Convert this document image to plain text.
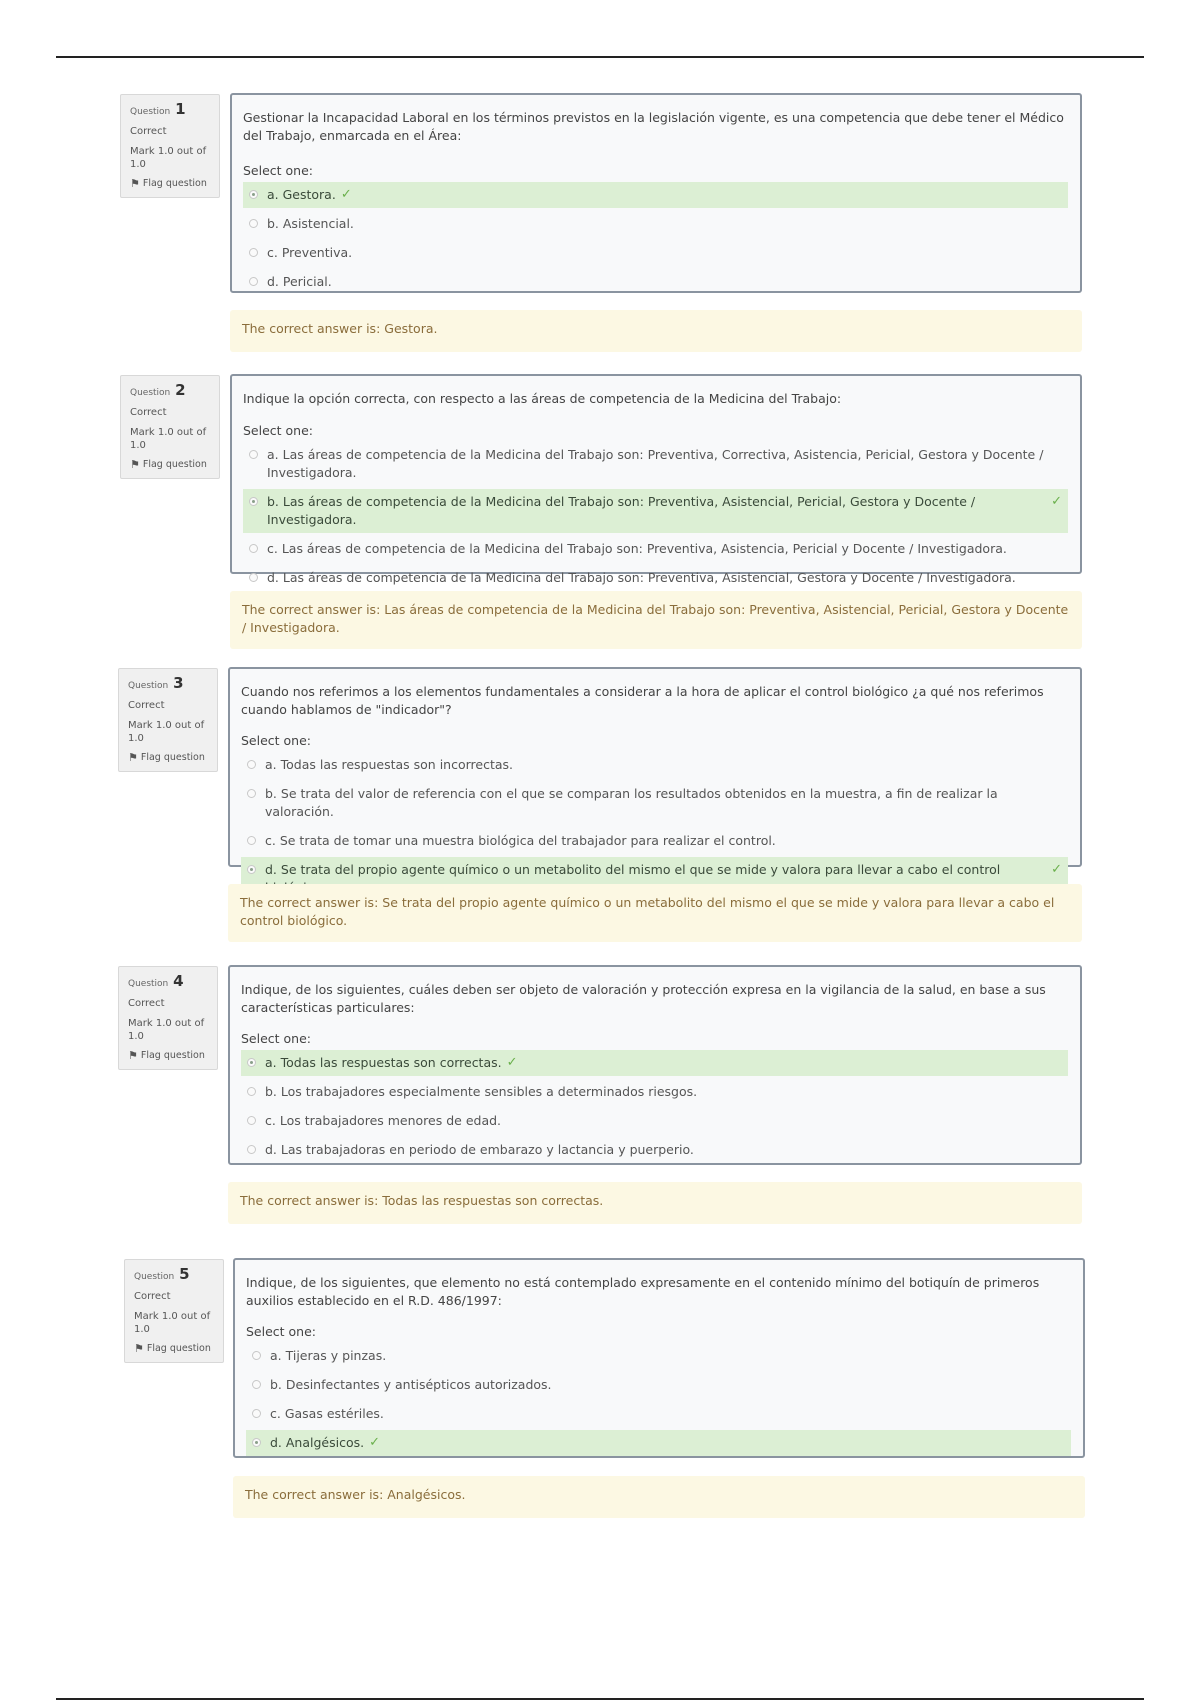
Question 1
Correct
Mark 1.0 out of 1.0
⚑ Flag question
Gestionar la Incapacidad Laboral en los términos previstos en la legislación vigente, es una competencia que debe tener el Médico del Trabajo, enmarcada en el Área:
Select one:
a. Gestora. ✓
b. Asistencial.
c. Preventiva.
d. Pericial.
The correct answer is: Gestora.
Question 2
Correct
Mark 1.0 out of 1.0
⚑ Flag question
Indique la opción correcta, con respecto a las áreas de competencia de la Medicina del Trabajo:
Select one:
a. Las áreas de competencia de la Medicina del Trabajo son: Preventiva, Correctiva, Asistencia, Pericial, Gestora y Docente / Investigadora.
b. Las áreas de competencia de la Medicina del Trabajo son: Preventiva, Asistencial, Pericial, Gestora y Docente / Investigadora.
✓
c. Las áreas de competencia de la Medicina del Trabajo son: Preventiva, Asistencia, Pericial y Docente / Investigadora.
d. Las áreas de competencia de la Medicina del Trabajo son: Preventiva, Asistencial, Gestora y Docente / Investigadora.
The correct answer is: Las áreas de competencia de la Medicina del Trabajo son: Preventiva, Asistencial, Pericial, Gestora y Docente / Investigadora.
Question 3
Correct
Mark 1.0 out of 1.0
⚑ Flag question
Cuando nos referimos a los elementos fundamentales a considerar a la hora de aplicar el control biológico ¿a qué nos referimos cuando hablamos de "indicador"?
Select one:
a. Todas las respuestas son incorrectas.
b. Se trata del valor de referencia con el que se comparan los resultados obtenidos en la muestra, a fin de realizar la valoración.
c. Se trata de tomar una muestra biológica del trabajador para realizar el control.
d. Se trata del propio agente químico o un metabolito del mismo el que se mide y valora para llevar a cabo el control	✓
The correct answer is: Se trata del propio agente químico o un metabolito del mismo el que se mide y valora para llevar a cabo el control biológico.
Question 4
Correct
Mark 1.0 out of 1.0
⚑ Flag question
Indique, de los siguientes, cuáles deben ser objeto de valoración y protección expresa en la vigilancia de la salud, en base a sus características particulares:
Select one:
a. Todas las respuestas son correctas. ✓
b. Los trabajadores especialmente sensibles a determinados riesgos.
c. Los trabajadores menores de edad.
d. Las trabajadoras en periodo de embarazo y lactancia y puerperio.
The correct answer is: Todas las respuestas son correctas.
Question 5
Correct
Mark 1.0 out of 1.0
⚑ Flag question
Indique, de los siguientes, que elemento no está contemplado expresamente en el contenido mínimo del botiquín de primeros auxilios establecido en el R.D. 486/1997:
Select one:
a. Tijeras y pinzas.
b. Desinfectantes y antisépticos autorizados.
c. Gasas estériles.
d. Analgésicos. ✓
The correct answer is: Analgésicos.
